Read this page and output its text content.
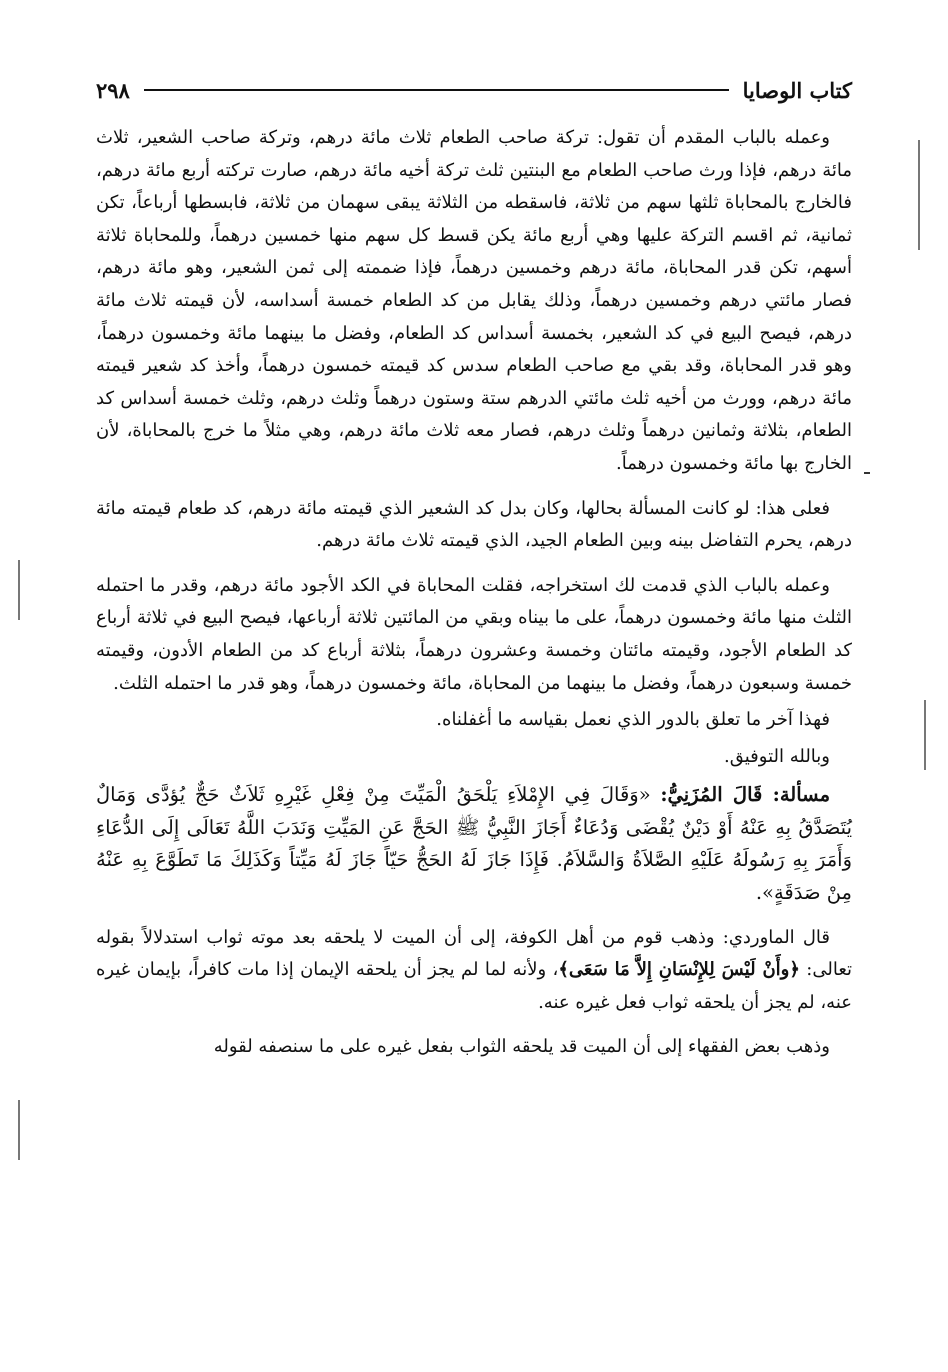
كتاب الوصايا
٢٩٨

وعمله بالباب المقدم أن تقول: تركة صاحب الطعام ثلاث مائة درهم، وتركة صاحب الشعير، ثلاث مائة درهم، فإذا ورث صاحب الطعام مع البنتين ثلث تركة أخيه مائة درهم، صارت تركته أربع مائة درهم، فالخارج بالمحاباة ثلثها سهم من ثلاثة، فاسقطه من الثلاثة يبقى سهمان من ثلاثة، فابسطها أرباعاً، تكن ثمانية، ثم اقسم التركة عليها وهي أربع مائة يكن قسط كل سهم منها خمسين درهماً، وللمحاباة ثلاثة أسهم، تكن قدر المحاباة، مائة درهم وخمسين درهماً، فإذا ضممته إلى ثمن الشعير، وهو مائة درهم، فصار مائتي درهم وخمسين درهماً، وذلك يقابل من كد الطعام خمسة أسداسه، لأن قيمته ثلاث مائة درهم، فيصح البيع في كد الشعير، بخمسة أسداس كد الطعام، وفضل ما بينهما مائة وخمسون درهماً، وهو قدر المحاباة، وقد بقي مع صاحب الطعام سدس كد قيمته خمسون درهماً، وأخذ كد شعير قيمته مائة درهم، وورث من أخيه ثلث مائتي الدرهم ستة وستون درهماً وثلث درهم، وثلث خمسة أسداس كد الطعام، بثلاثة وثمانين درهماً وثلث درهم، فصار معه ثلاث مائة درهم، وهي مثلاً ما خرج بالمحاباة، لأن الخارج بها مائة وخمسون درهماً.

فعلى هذا: لو كانت المسألة بحالها، وكان بدل كد الشعير الذي قيمته مائة درهم، كد طعام قيمته مائة درهم، يحرم التفاضل بينه وبين الطعام الجيد، الذي قيمته ثلاث مائة درهم.

وعمله بالباب الذي قدمت لك استخراجه، فقلت المحاباة في الكد الأجود مائة درهم، وقدر ما احتمله الثلث منها مائة وخمسون درهماً، على ما بيناه وبقي من المائتين ثلاثة أرباعها، فيصح البيع في ثلاثة أرباع كد الطعام الأجود، وقيمته مائتان وخمسة وعشرون درهماً، بثلاثة أرباع كد من الطعام الأدون، وقيمته خمسة وسبعون درهماً، وفضل ما بينهما من المحاباة، مائة وخمسون درهماً، وهو قدر ما احتمله الثلث.

فهذا آخر ما تعلق بالدور الذي نعمل بقياسه ما أغفلناه.

وبالله التوفيق.

مسألة: قَالَ المُزَنِيُّ: «وَقَالَ فِي الإِمْلاَءِ يَلْحَقُ الْمَيِّتَ مِنْ فِعْلِ غَيْرِهِ ثَلاَثٌ حَجٌّ يُؤدَّى وَمَالٌ يُتَصَدَّقُ بِهِ عَنْهُ أَوْ دَيْنٌ يُقْضَى وَدُعَاءٌ أَجَازَ النَّبِيُّ ﷺ الحَجَّ عَنِ المَيِّتِ وَنَدَبَ اللَّهُ تَعَالَى إِلَى الدُّعَاءِ وَأَمَرَ بِهِ رَسُولَهُ عَلَيْهِ الصَّلاَةُ وَالسَّلاَمُ. فَإِذَا جَازَ لَهُ الحَجُّ حَيّاً جَازَ لَهُ مَيِّتاً وَكَذَلِكَ مَا تَطَوَّعَ بِهِ عَنْهُ مِنْ صَدَقَةٍ».

قال الماوردي: وذهب قوم من أهل الكوفة، إلى أن الميت لا يلحقه بعد موته ثواب استدلالاً بقوله تعالى: ﴿وأَنْ لَيْسَ لِلإِنْسَانِ إِلاَّ مَا سَعَى﴾، ولأنه لما لم يجز أن يلحقه الإيمان إذا مات كافراً، بإيمان غيره عنه، لم يجز أن يلحقه ثواب فعل غيره عنه.

وذهب بعض الفقهاء إلى أن الميت قد يلحقه الثواب بفعل غيره على ما سنصفه لقوله
